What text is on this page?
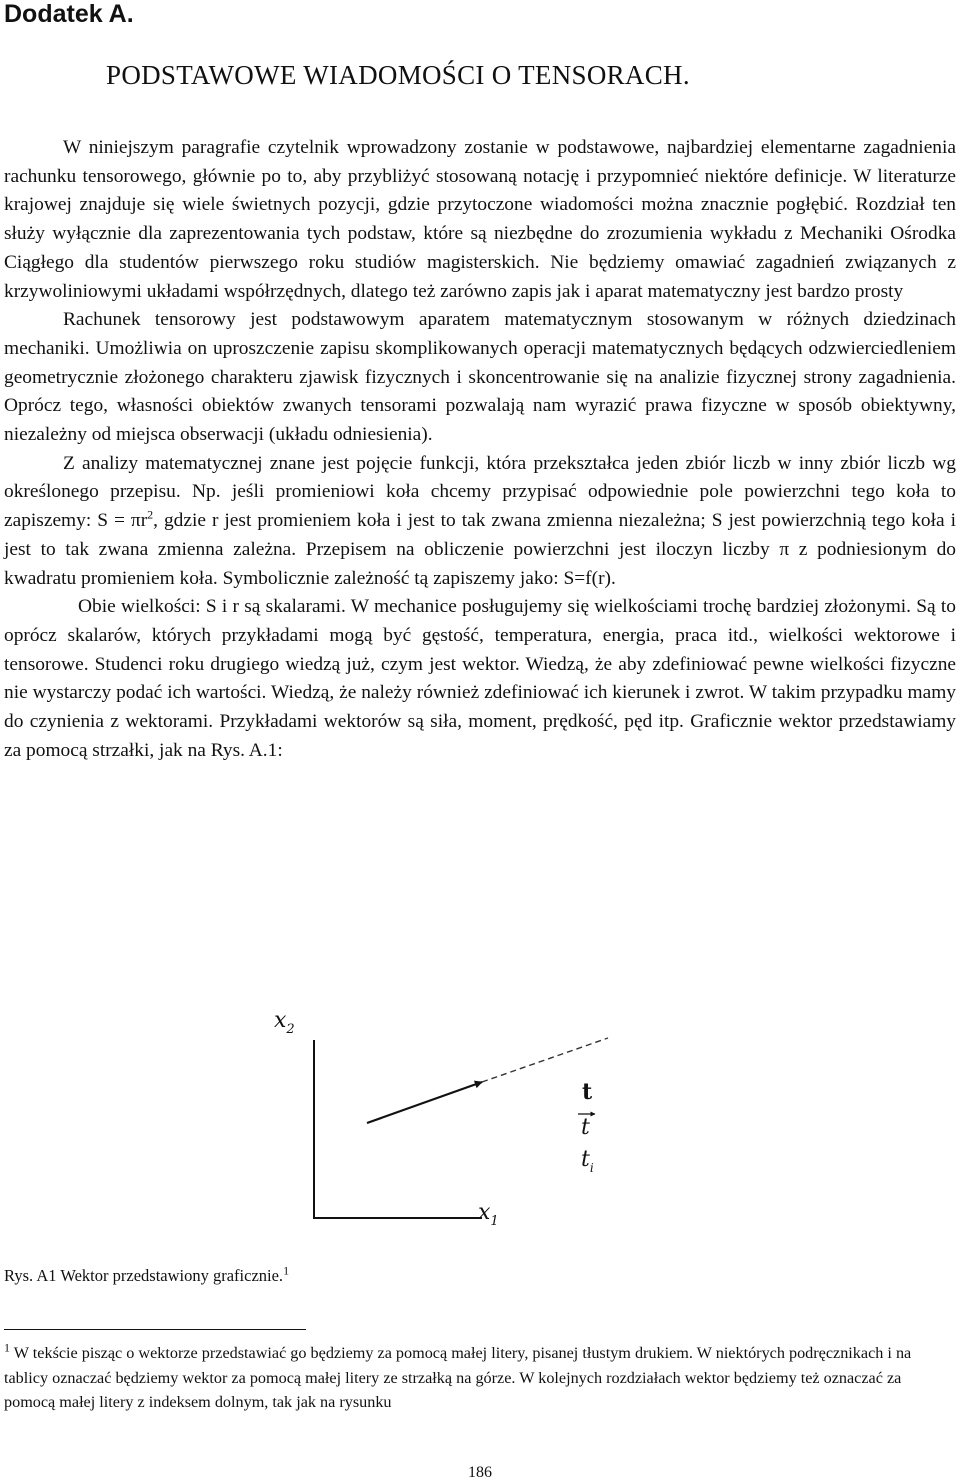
Dodatek A.
PODSTAWOWE WIADOMOŚCI O TENSORACH.

W niniejszym paragrafie czytelnik wprowadzony zostanie w podstawowe, najbardziej elementarne zagadnienia rachunku tensorowego, głównie po to, aby przybliżyć stosowaną notację i przypomnieć niektóre definicje. W literaturze krajowej znajduje się wiele świetnych pozycji, gdzie przytoczone wiadomości można znacznie pogłębić. Rozdział ten służy wyłącznie dla zaprezentowania tych podstaw, które są niezbędne do zrozumienia wykładu z Mechaniki Ośrodka Ciągłego dla studentów pierwszego roku studiów magisterskich. Nie będziemy omawiać zagadnień związanych z krzywoliniowymi układami współrzędnych, dlatego też zarówno zapis jak i aparat matematyczny jest bardzo prosty

Rachunek tensorowy jest podstawowym aparatem matematycznym stosowanym w różnych dziedzinach mechaniki. Umożliwia on uproszczenie zapisu skomplikowanych operacji matematycznych będących odzwierciedleniem geometrycznie złożonego charakteru zjawisk fizycznych i skoncentrowanie się na analizie fizycznej strony zagadnienia. Oprócz tego, własności obiektów zwanych tensorami pozwalają nam wyrazić prawa fizyczne w sposób obiektywny, niezależny od miejsca obserwacji (układu odniesienia).

Z analizy matematycznej znane jest pojęcie funkcji, która przekształca jeden zbiór liczb w inny zbiór liczb wg określonego przepisu. Np. jeśli promieniowi koła chcemy przypisać odpowiednie pole powierzchni tego koła to zapiszemy: $S = \pi r^2$, gdzie r jest promieniem koła i jest to tak zwana zmienna niezależna; S jest powierzchnią tego koła i jest to tak zwana zmienna zależna. Przepisem na obliczenie powierzchni jest iloczyn liczby π z podniesionym do kwadratu promieniem koła. Symbolicznie zależność tą zapiszemy jako: S=f(r).

Obie wielkości: S i r są skalarami. W mechanice posługujemy się wielkościami trochę bardziej złożonymi. Są to oprócz skalarów, których przykładami mogą być gęstość, temperatura, energia, praca itd., wielkości wektorowe i tensorowe. Studenci roku drugiego wiedzą już, czym jest wektor. Wiedzą, że aby zdefiniować pewne wielkości fizyczne nie wystarczy podać ich wartości. Wiedzą, że należy również zdefiniować ich kierunek i zwrot. W takim przypadku mamy do czynienia z wektorami. Przykładami wektorów są siła, moment, prędkość, pęd itp. Graficznie wektor przedstawiamy za pomocą strzałki, jak na Rys. A.1:

$x_2$
$x_1$
t
t
$t_i$

Rys. A1 Wektor przedstawiony graficznie.$^1$

$^1$ W tekście pisząc o wektorze przedstawiać go będziemy za pomocą małej litery, pisanej tłustym drukiem. W niektórych podręcznikach i na tablicy oznaczać będziemy wektor za pomocą małej litery ze strzałką na górze. W kolejnych rozdziałach wektor będziemy też oznaczać za pomocą małej litery z indeksem dolnym, tak jak na rysunku

186
